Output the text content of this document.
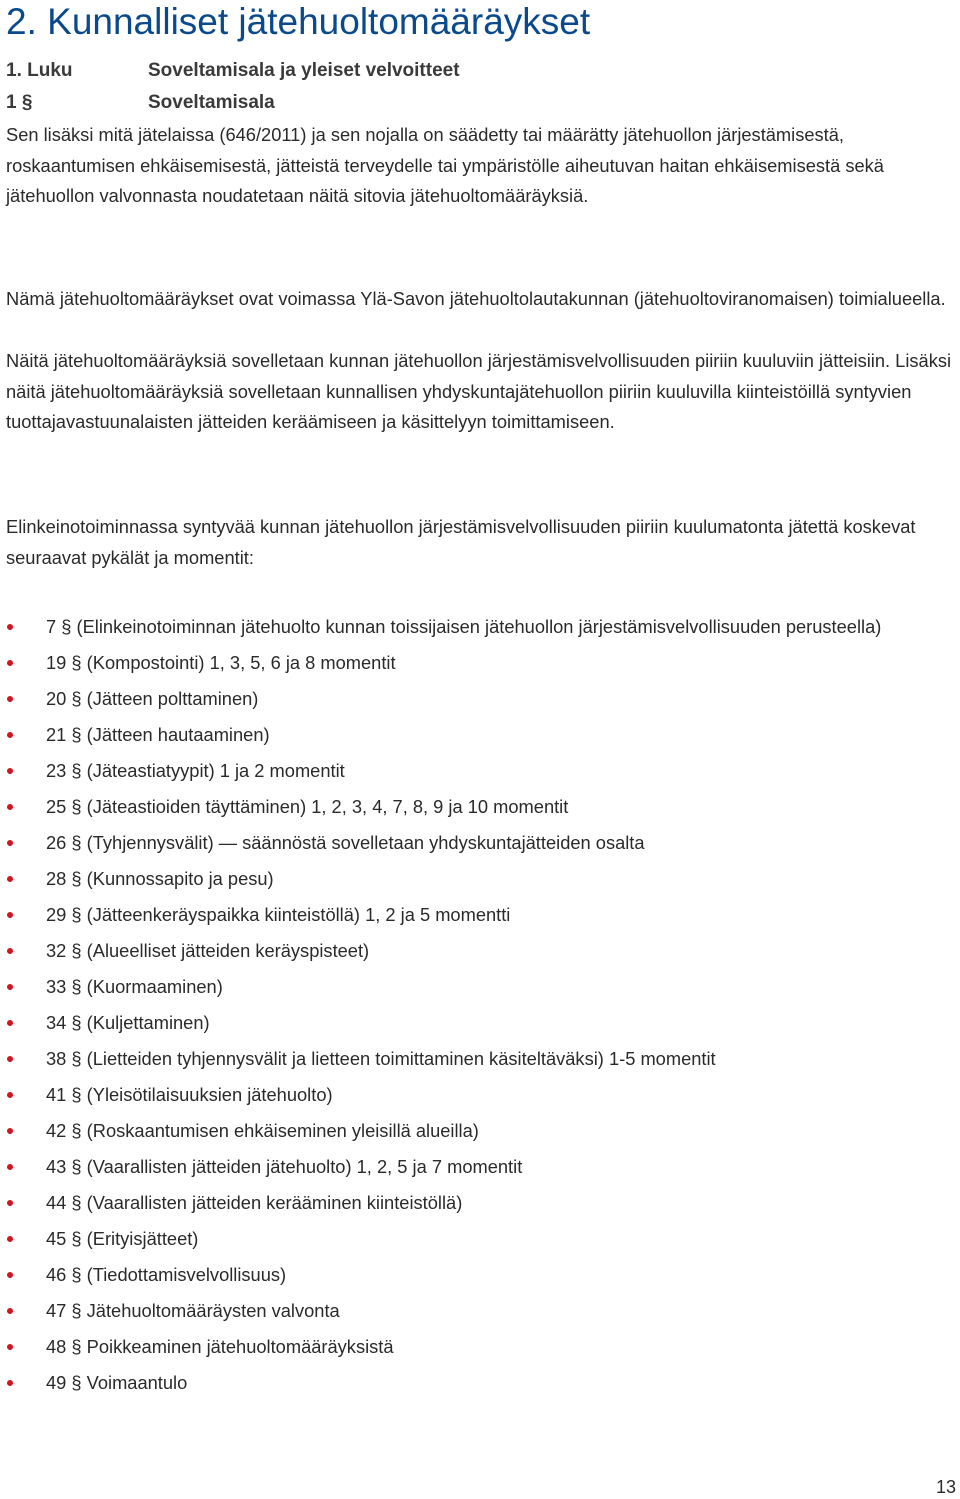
2. Kunnalliset jätehuoltomääräykset
1. Luku	Soveltamisala ja yleiset velvoitteet
1 §	Soveltamisala

Sen lisäksi mitä jätelaissa (646/2011) ja sen nojalla on säädetty tai määrätty jätehuollon järjestämisestä, roskaantumisen ehkäisemisestä, jätteistä terveydelle tai ympäristölle aiheutuvan haitan ehkäisemisestä sekä jätehuollon valvonnasta noudatetaan näitä sitovia jätehuoltomääräyksiä.

Nämä jätehuoltomääräykset ovat voimassa Ylä-Savon jätehuoltolautakunnan (jätehuoltoviranomaisen) toimialueella.

Näitä jätehuoltomääräyksiä sovelletaan kunnan jätehuollon järjestämisvelvollisuuden piiriin kuuluviin jätteisiin. Lisäksi näitä jätehuoltomääräyksiä sovelletaan kunnallisen yhdyskuntajätehuollon piiriin kuuluvilla kiinteistöillä syntyvien tuottajavastuunalaisten jätteiden keräämiseen ja käsittelyyn toimittamiseen.

Elinkeinotoiminnassa syntyvää kunnan jätehuollon järjestämisvelvollisuuden piiriin kuulumatonta jätettä koskevat seuraavat pykälät ja momentit:

7 § (Elinkeinotoiminnan jätehuolto kunnan toissijaisen jätehuollon järjestämisvelvollisuuden perusteella)
19 § (Kompostointi) 1, 3, 5, 6 ja 8 momentit
20 § (Jätteen polttaminen)
21 § (Jätteen hautaaminen)
23 § (Jäteastiatyypit) 1 ja 2 momentit
25 § (Jäteastioiden täyttäminen) 1, 2, 3, 4, 7, 8, 9 ja 10 momentit
26 § (Tyhjennysvälit) — säännöstä sovelletaan yhdyskuntajätteiden osalta
28 § (Kunnossapito ja pesu)
29 § (Jätteenkeräyspaikka kiinteistöllä) 1, 2 ja 5 momentti
32 § (Alueelliset jätteiden keräyspisteet)
33 § (Kuormaaminen)
34 § (Kuljettaminen)
38 § (Lietteiden tyhjennysvälit ja lietteen toimittaminen käsiteltäväksi) 1-5 momentit
41 § (Yleisötilaisuuksien jätehuolto)
42 § (Roskaantumisen ehkäiseminen yleisillä alueilla)
43 § (Vaarallisten jätteiden jätehuolto) 1, 2, 5 ja 7 momentit
44 § (Vaarallisten jätteiden kerääminen kiinteistöllä)
45 § (Erityisjätteet)
46 § (Tiedottamisvelvollisuus)
47 § Jätehuoltomääräysten valvonta
48 § Poikkeaminen jätehuoltomääräyksistä
49 § Voimaantulo
13
